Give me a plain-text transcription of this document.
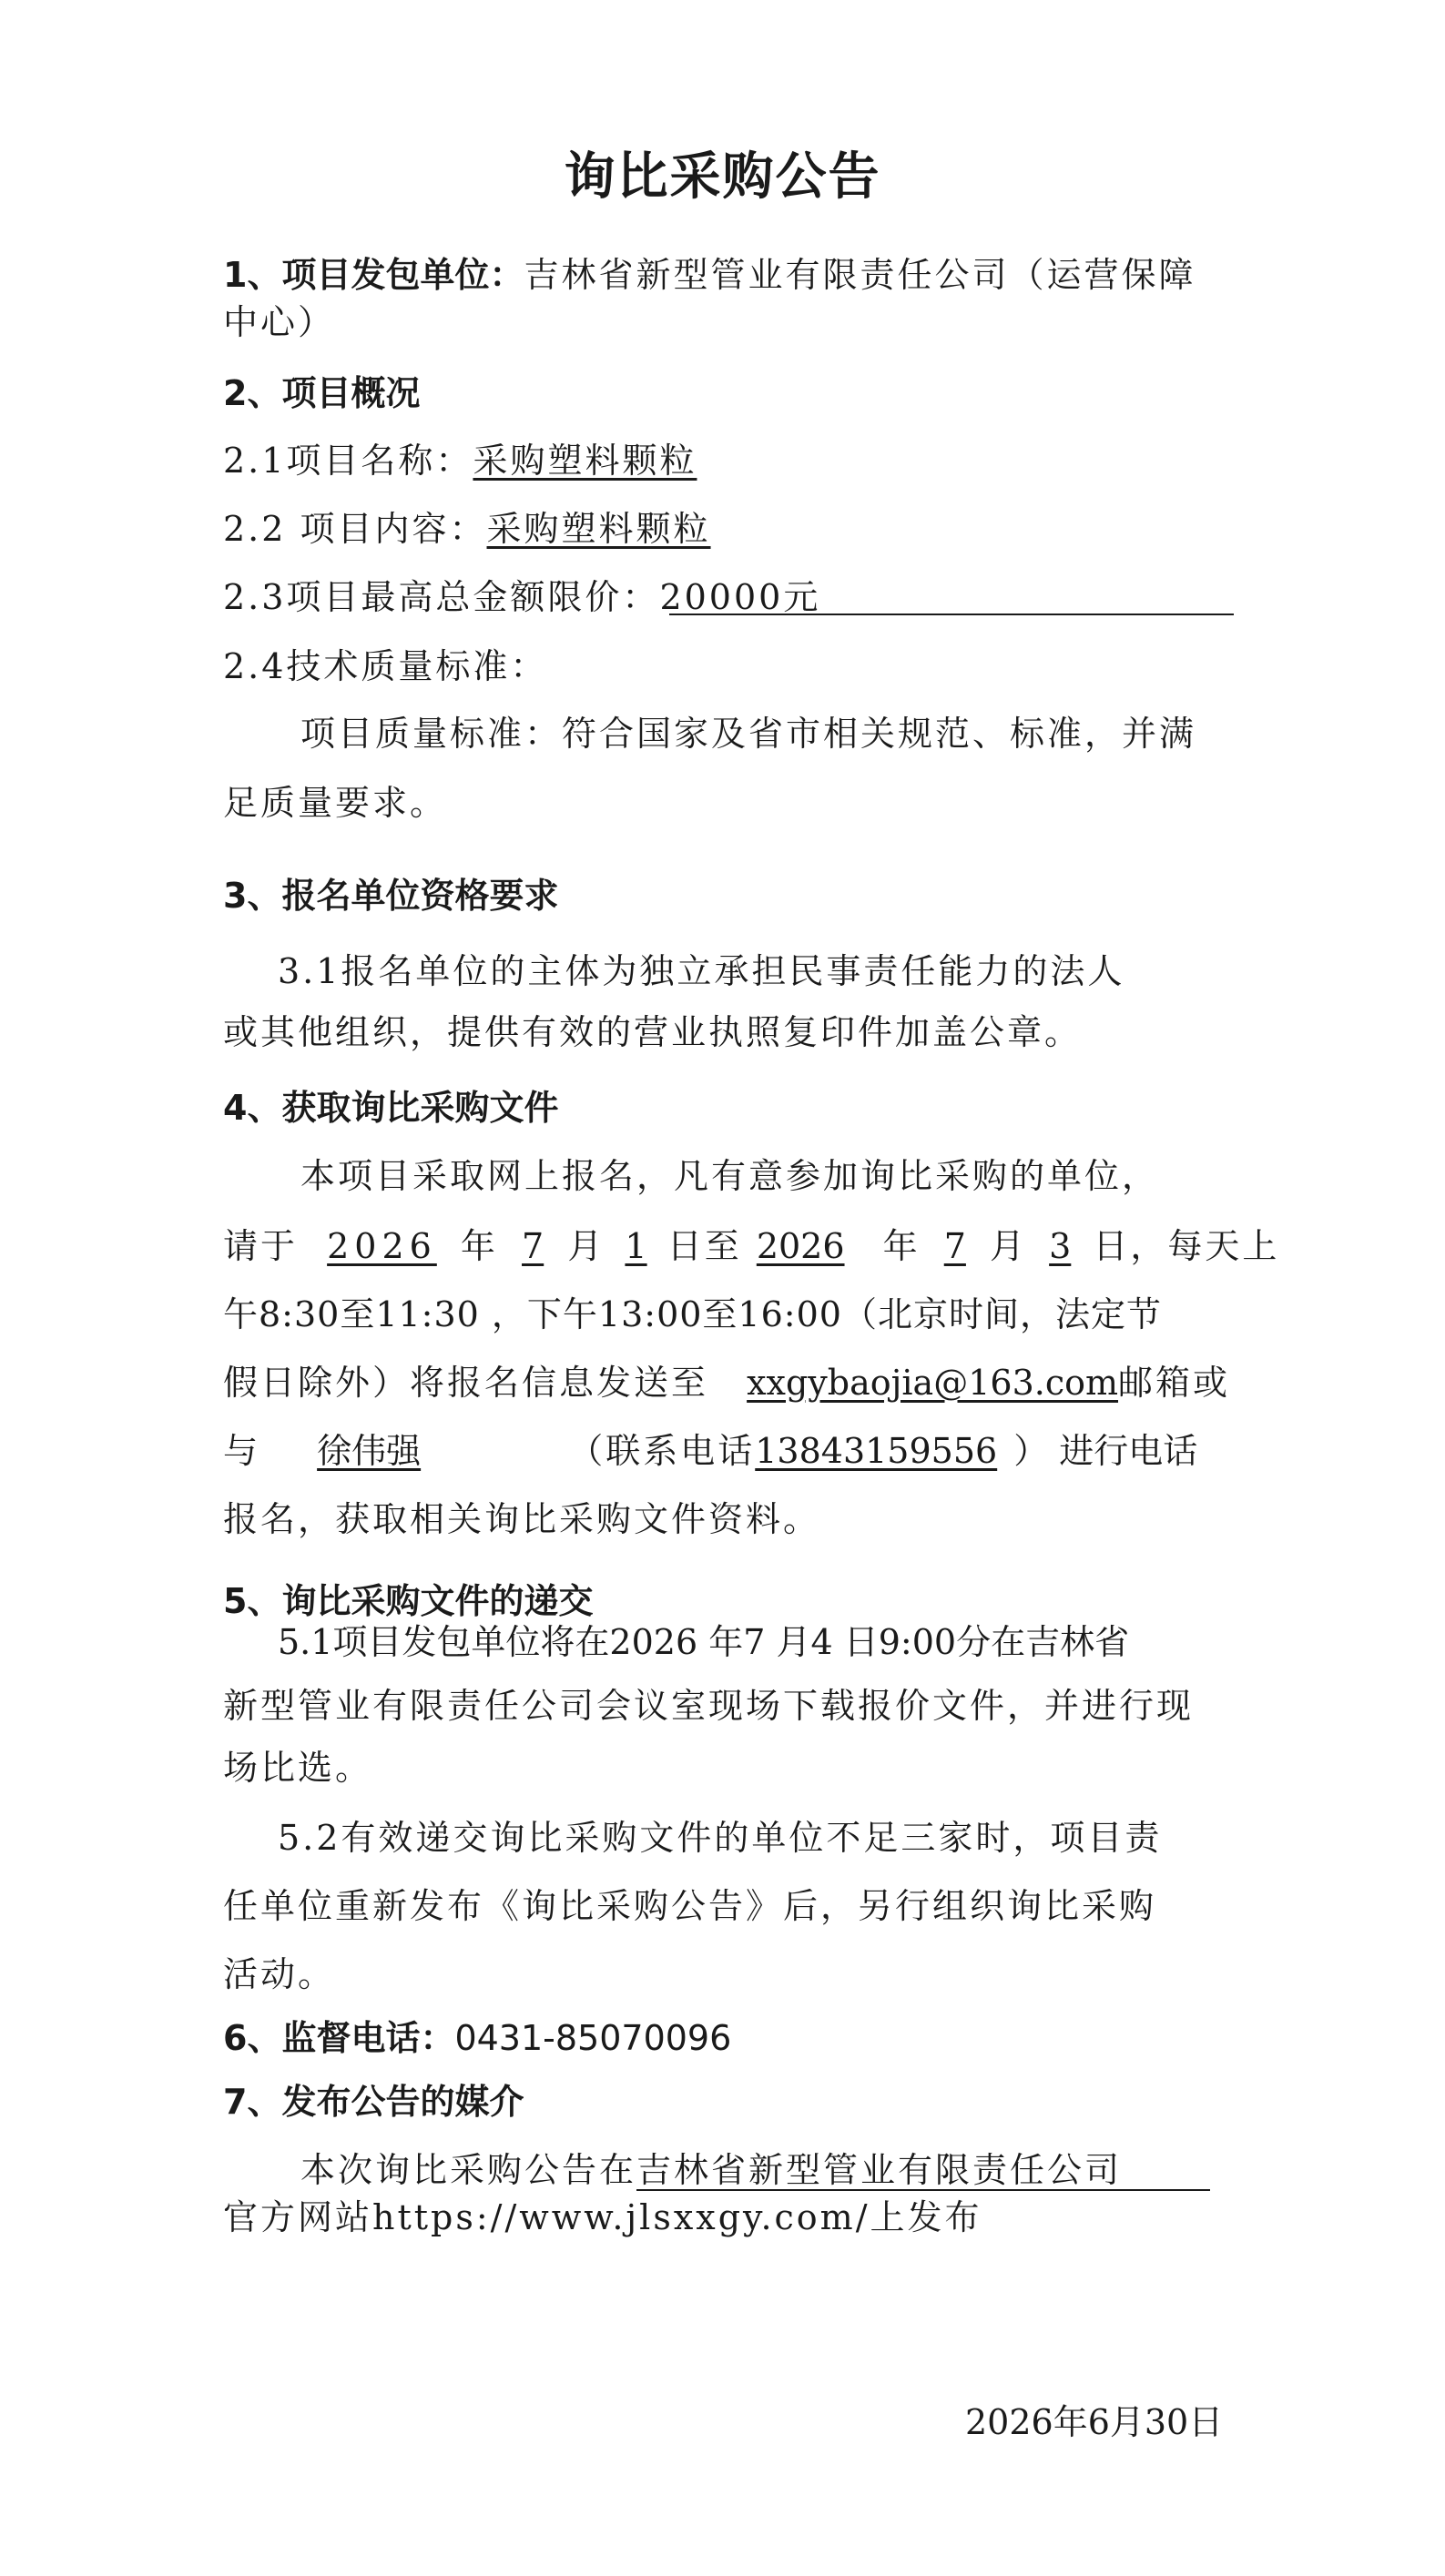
询比采购公告
1、项目发包单位：吉林省新型管业有限责任公司（运营保障
中心）
2、项目概况
2.1项目名称：采购塑料颗粒
2.2 项目内容：采购塑料颗粒
2.3项目最高总金额限价：20000元
2.4技术质量标准：
项目质量标准：符合国家及省市相关规范、标准，并满
足质量要求。
3、报名单位资格要求
3.1报名单位的主体为独立承担民事责任能力的法人
或其他组织，提供有效的营业执照复印件加盖公章。
4、获取询比采购文件
本项目采取网上报名，凡有意参加询比采购的单位，
请于 2026 年 7 月 1 日至 2026 年 7 月 3 日，每天上
午8:30至11:30 ，下午13:00至16:00（北京时间，法定节
假日除外）将报名信息发送至 xxgybaojia@163.com邮箱或
与 徐伟强	（联系电话13843159556 ） 进行电话
报名，获取相关询比采购文件资料。
5、询比采购文件的递交
5.1项目发包单位将在2026 年7 月4 日9:00分在吉林省
新型管业有限责任公司会议室现场下载报价文件，并进行现
场比选。
5.2有效递交询比采购文件的单位不足三家时，项目责
任单位重新发布《询比采购公告》后，另行组织询比采购
活动。
6、监督电话：0431-85070096
7、发布公告的媒介
本次询比采购公告在吉林省新型管业有限责任公司
官方网站https://www.jlsxxgy.com/上发布
2026年6月30日
